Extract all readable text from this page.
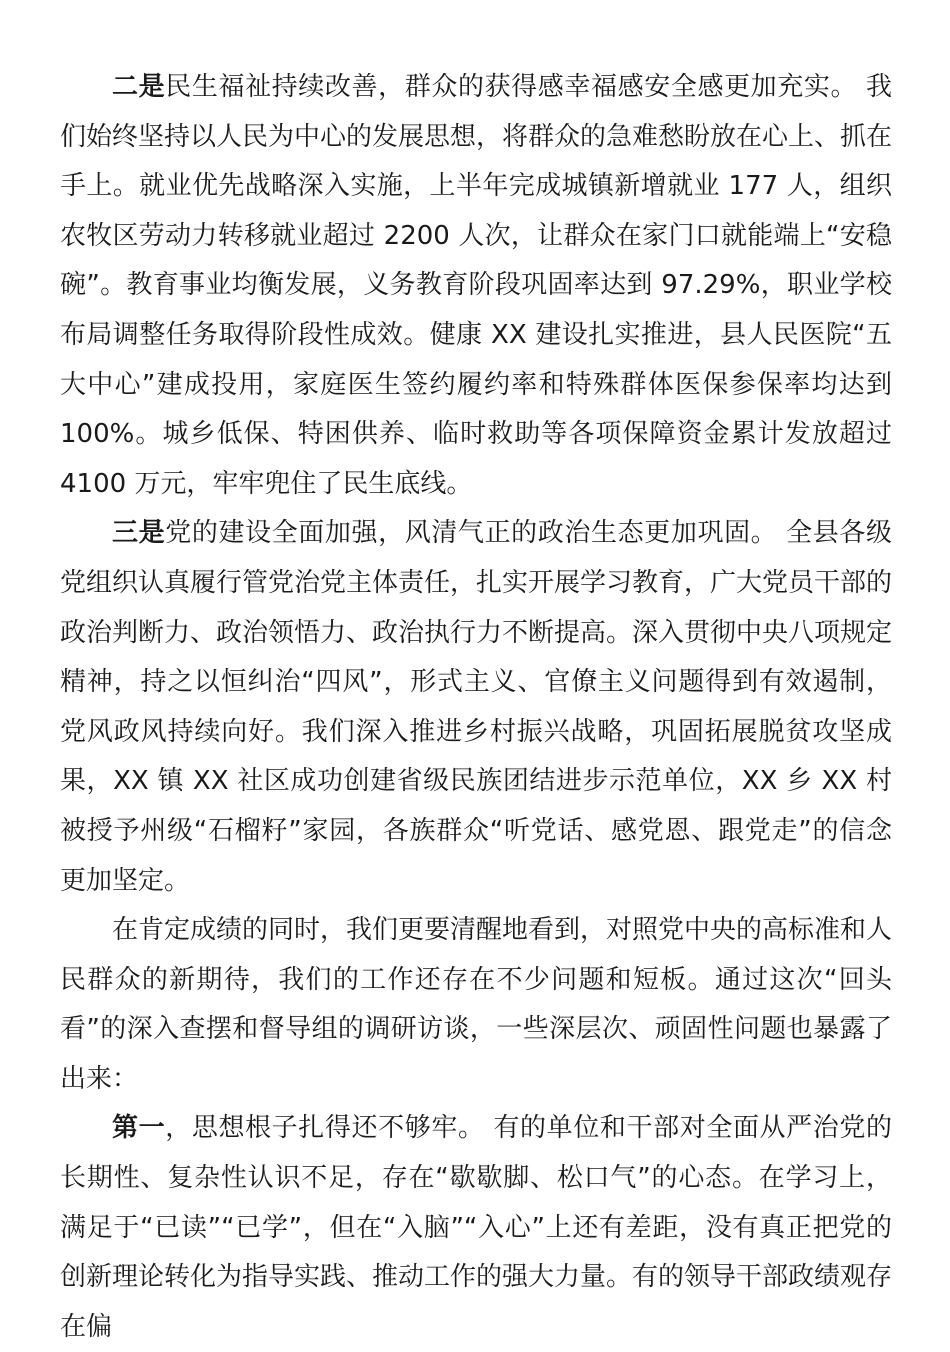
二是民生福祉持续改善，群众的获得感幸福感安全感更加充实。 我们始终坚持以人民为中心的发展思想，将群众的急难愁盼放在心上、抓在手上。就业优先战略深入实施，上半年完成城镇新增就业 177 人，组织农牧区劳动力转移就业超过 2200 人次，让群众在家门口就能端上“安稳碗”。教育事业均衡发展，义务教育阶段巩固率达到 97.29%，职业学校布局调整任务取得阶段性成效。健康 XX 建设扎实推进，县人民医院“五大中心”建成投用，家庭医生签约履约率和特殊群体医保参保率均达到 100%。城乡低保、特困供养、临时救助等各项保障资金累计发放超过 4100 万元，牢牢兜住了民生底线。

三是党的建设全面加强，风清气正的政治生态更加巩固。 全县各级党组织认真履行管党治党主体责任，扎实开展学习教育，广大党员干部的政治判断力、政治领悟力、政治执行力不断提高。深入贯彻中央八项规定精神，持之以恒纠治“四风”，形式主义、官僚主义问题得到有效遏制，党风政风持续向好。我们深入推进乡村振兴战略，巩固拓展脱贫攻坚成果，XX 镇 XX 社区成功创建省级民族团结进步示范单位，XX 乡 XX 村被授予州级“石榴籽”家园，各族群众“听党话、感党恩、跟党走”的信念更加坚定。

在肯定成绩的同时，我们更要清醒地看到，对照党中央的高标准和人民群众的新期待，我们的工作还存在不少问题和短板。通过这次“回头看”的深入查摆和督导组的调研访谈，一些深层次、顽固性问题也暴露了出来：

第一，思想根子扎得还不够牢。 有的单位和干部对全面从严治党的长期性、复杂性认识不足，存在“歇歇脚、松口气”的心态。在学习上，满足于“已读”“已学”，但在“入脑”“入心”上还有差距，没有真正把党的创新理论转化为指导实践、推动工作的强大力量。有的领导干部政绩观存在偏
